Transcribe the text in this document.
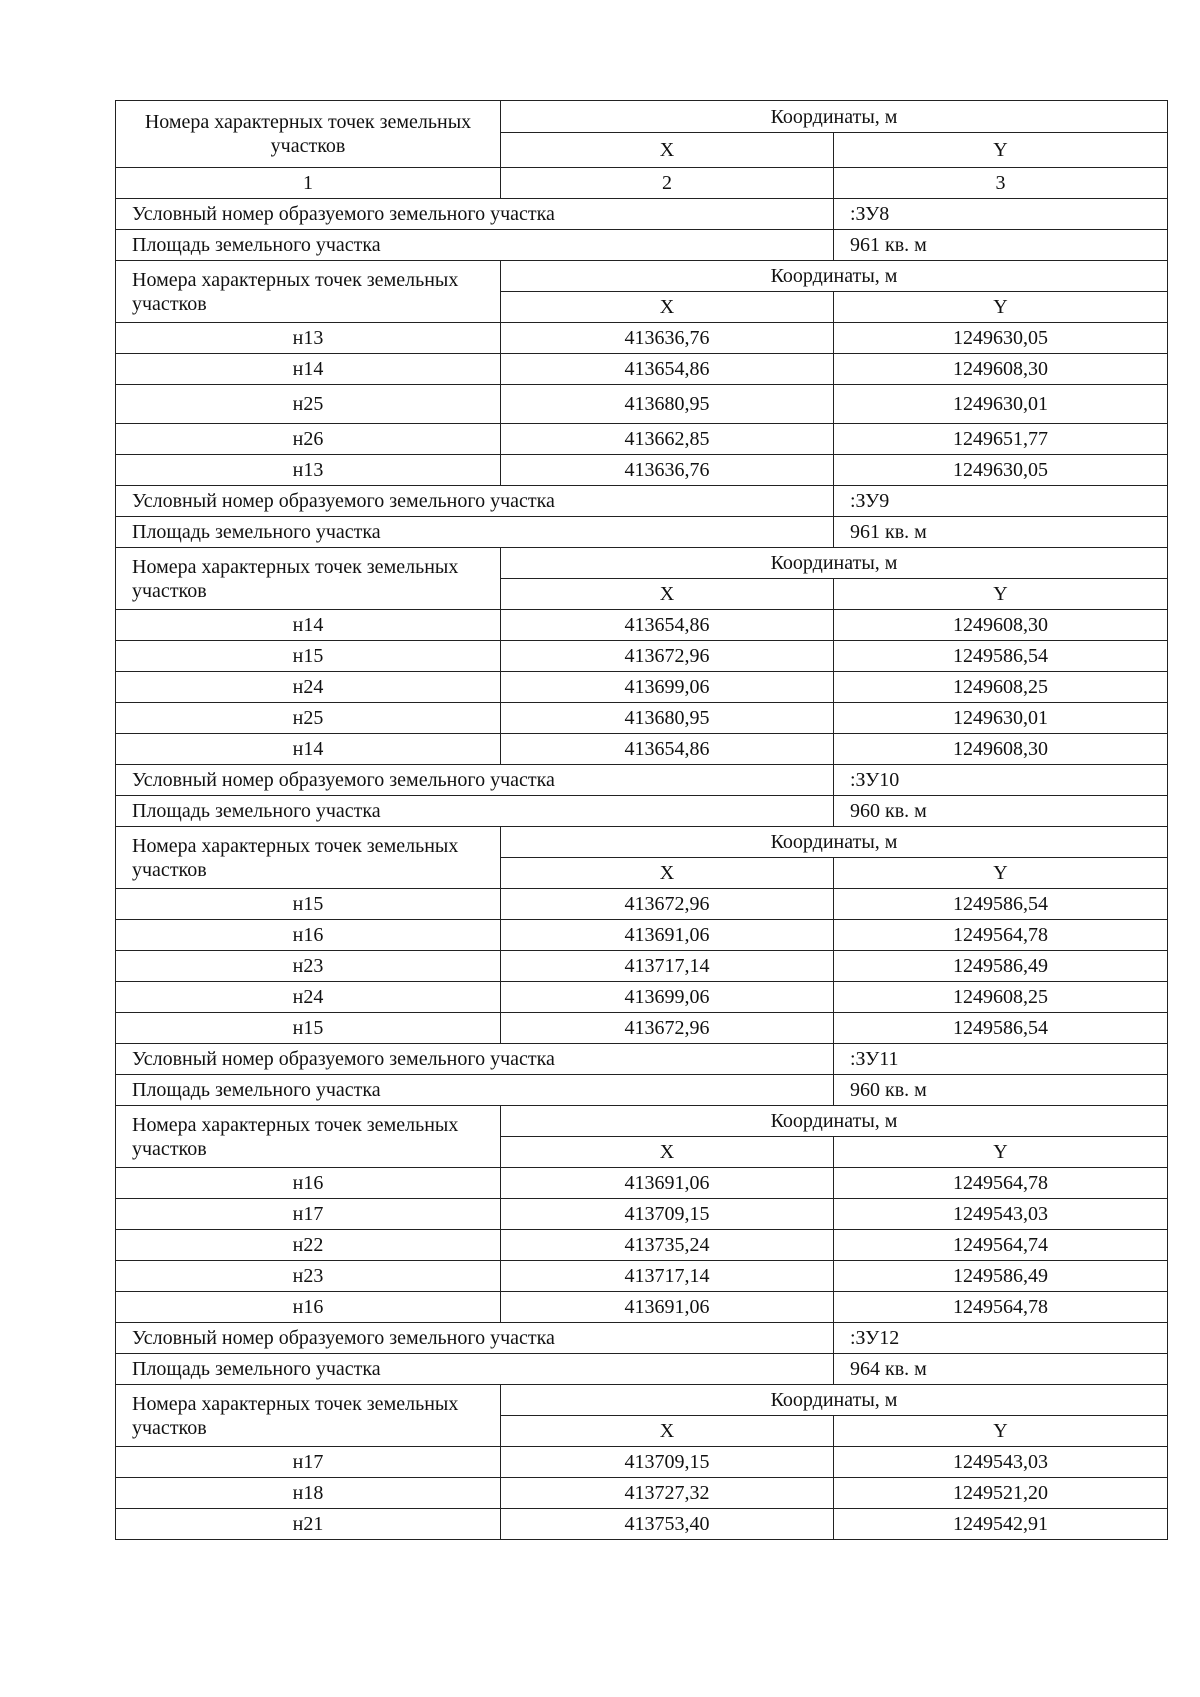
Номера характерных точек земельных участков	Координаты, м	
	X	Y
1	2	3
Условный номер образуемого земельного участка		:ЗУ8
Площадь земельного участка		961 кв. м
Номера характерных точек земельных участков	Координаты, м	
	X	Y
н13	413636,76	1249630,05
н14	413654,86	1249608,30
н25	413680,95	1249630,01
н26	413662,85	1249651,77
н13	413636,76	1249630,05
Условный номер образуемого земельного участка		:ЗУ9
Площадь земельного участка		961 кв. м
Номера характерных точек земельных участков	Координаты, м	
	X	Y
н14	413654,86	1249608,30
н15	413672,96	1249586,54
н24	413699,06	1249608,25
н25	413680,95	1249630,01
н14	413654,86	1249608,30
Условный номер образуемого земельного участка		:ЗУ10
Площадь земельного участка		960 кв. м
Номера характерных точек земельных участков	Координаты, м	
	X	Y
н15	413672,96	1249586,54
н16	413691,06	1249564,78
н23	413717,14	1249586,49
н24	413699,06	1249608,25
н15	413672,96	1249586,54
Условный номер образуемого земельного участка		:ЗУ11
Площадь земельного участка		960 кв. м
Номера характерных точек земельных участков	Координаты, м	
	X	Y
н16	413691,06	1249564,78
н17	413709,15	1249543,03
н22	413735,24	1249564,74
н23	413717,14	1249586,49
н16	413691,06	1249564,78
Условный номер образуемого земельного участка		:ЗУ12
Площадь земельного участка		964 кв. м
Номера характерных точек земельных участков	Координаты, м	
	X	Y
н17	413709,15	1249543,03
н18	413727,32	1249521,20
н21	413753,40	1249542,91
